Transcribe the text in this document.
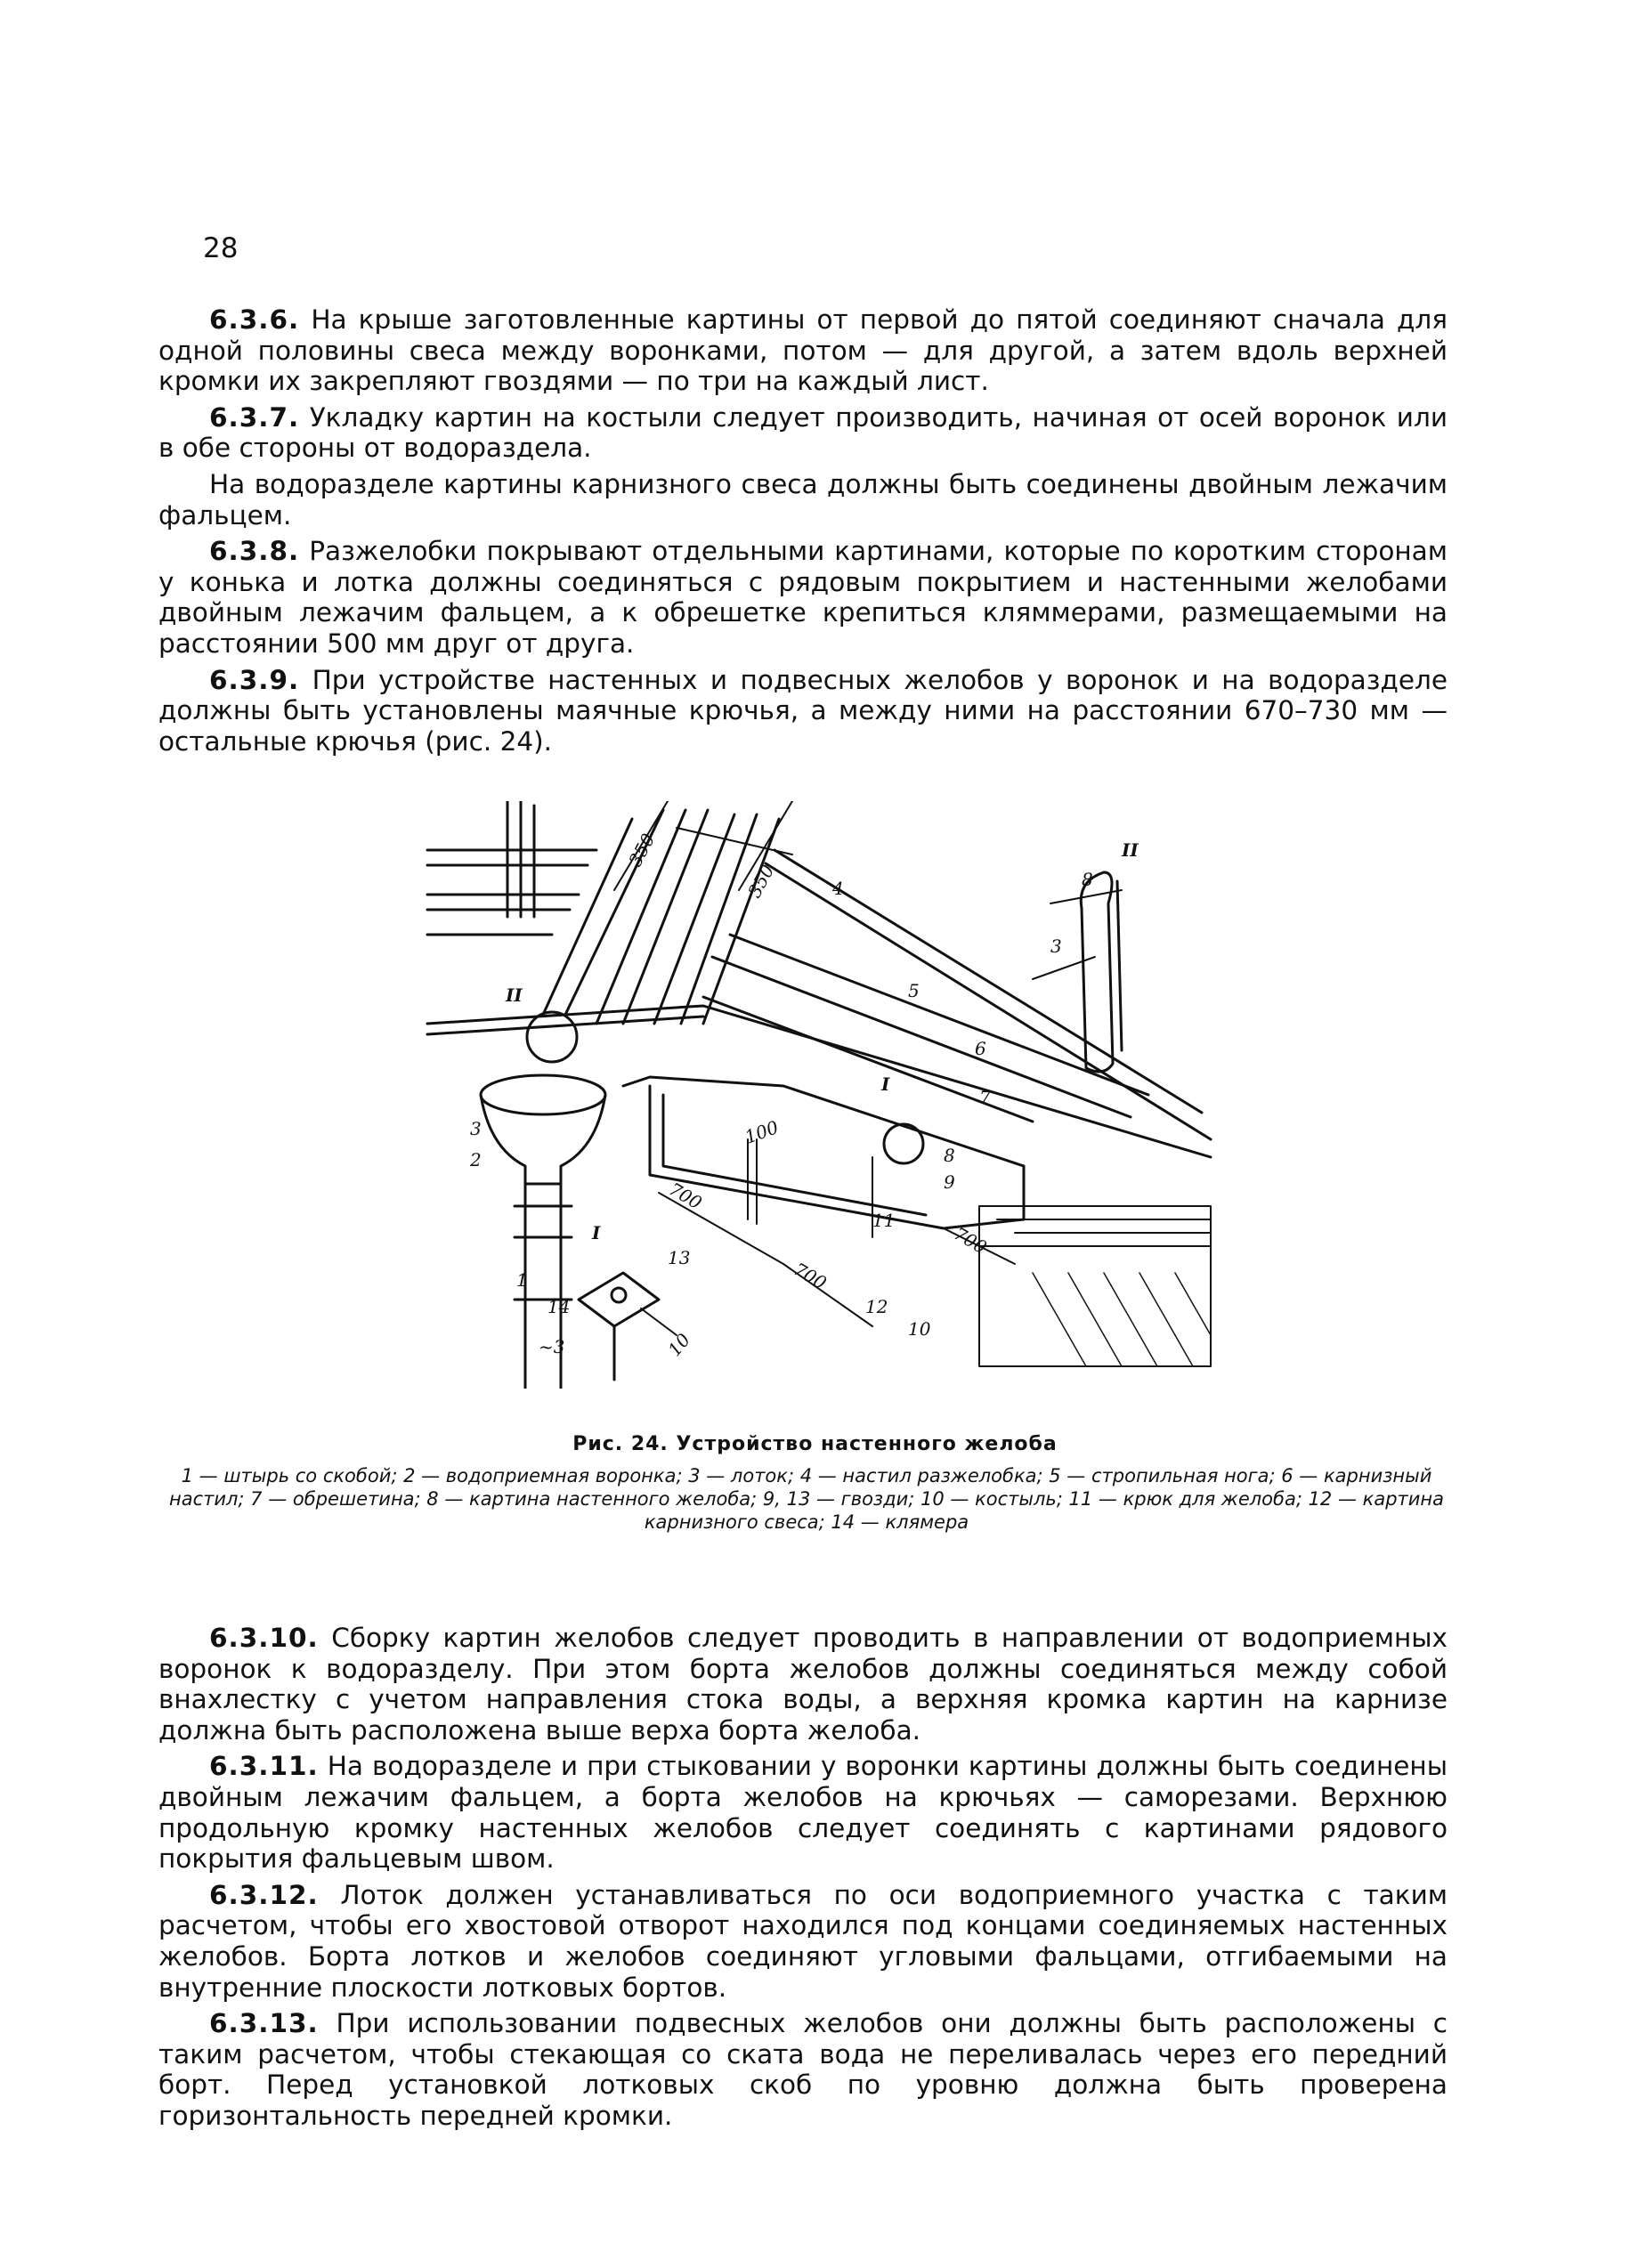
28

6.3.6. На крыше заготовленные картины от первой до пятой соединяют сначала для одной половины свеса между воронками, потом — для другой, а затем вдоль верхней кромки их закрепляют гвоздями — по три на каждый лист.

6.3.7. Укладку картин на костыли следует производить, начиная от осей воронок или в обе стороны от водораздела.

На водоразделе картины карнизного свеса должны быть соединены двойным лежачим фальцем.

6.3.8. Разжелобки покрывают отдельными картинами, которые по коротким сторонам у конька и лотка должны соединяться с рядовым покрытием и настенными желобами двойным лежачим фальцем, а к обрешетке крепиться кляммерами, размещаемыми на расстоянии 500 мм друг от друга.

6.3.9. При устройстве настенных и подвесных желобов у воронок и на водоразделе должны быть установлены маячные крючья, а между ними на расстоянии 670–730 мм — остальные крючья (рис. 24).

350
350
700
700
700
100
10
1
2
3
3
~3
4
5
6
7
8
8
9
10
11
12
13
14
I
I
II
II
Рис. 24. Устройство настенного желоба
1 — штырь со скобой; 2 — водоприемная воронка; 3 — лоток; 4 — настил разжелобка; 5 — стропильная нога; 6 — карнизный настил; 7 — обрешетина; 8 — картина настенного желоба; 9, 13 — гвозди; 10 — костыль; 11 — крюк для желоба; 12 — картина карнизного свеса; 14 — клямера

6.3.10. Сборку картин желобов следует проводить в направлении от водоприемных воронок к водоразделу. При этом борта желобов должны соединяться между собой внахлестку с учетом направления стока воды, а верхняя кромка картин на карнизе должна быть расположена выше верха борта желоба.

6.3.11. На водоразделе и при стыковании у воронки картины должны быть соединены двойным лежачим фальцем, а борта желобов на крючьях — саморезами. Верхнюю продольную кромку настенных желобов следует соединять с картинами рядового покрытия фальцевым швом.

6.3.12. Лоток должен устанавливаться по оси водоприемного участка с таким расчетом, чтобы его хвостовой отворот находился под концами соединяемых настенных желобов. Борта лотков и желобов соединяют угловыми фальцами, отгибаемыми на внутренние плоскости лотковых бортов.

6.3.13. При использовании подвесных желобов они должны быть расположены с таким расчетом, чтобы стекающая со ската вода не переливалась через его передний борт. Перед установкой лотковых скоб по уровню должна быть проверена горизонтальность передней кромки.
